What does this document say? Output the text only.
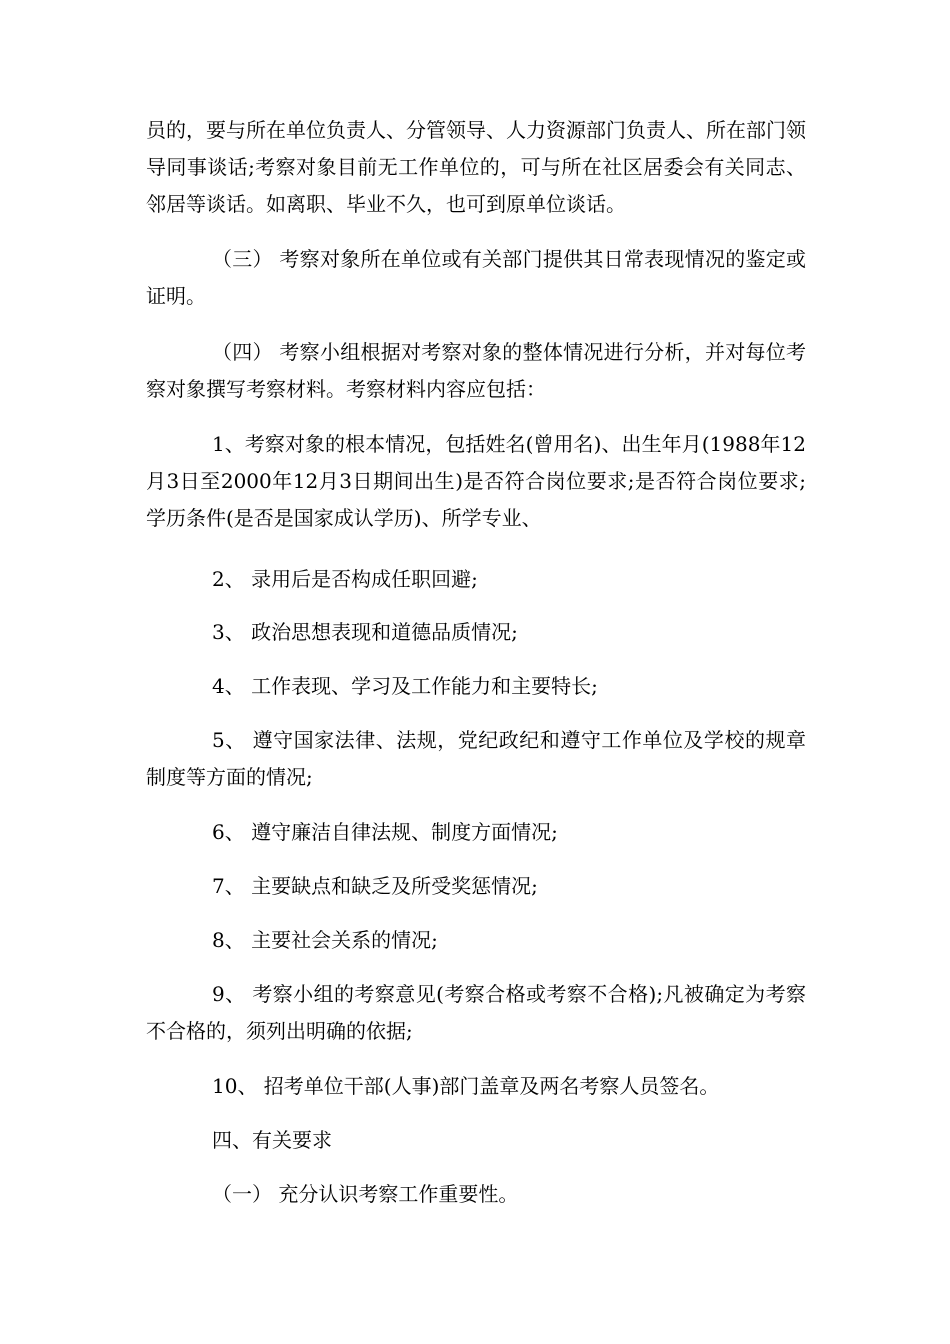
员的，要与所在单位负责人、分管领导、人力资源部门负责人、所在部门领导同事谈话;考察对象目前无工作单位的，可与所在社区居委会有关同志、邻居等谈话。如离职、毕业不久，也可到原单位谈话。

（三） 考察对象所在单位或有关部门提供其日常表现情况的鉴定或证明。

（四） 考察小组根据对考察对象的整体情况进行分析，并对每位考察对象撰写考察材料。考察材料内容应包括：

1、考察对象的根本情况，包括姓名(曾用名)、出生年月(1988年12月3日至2000年12月3日期间出生)是否符合岗位要求;是否符合岗位要求;学历条件(是否是国家成认学历)、所学专业、

2、 录用后是否构成任职回避;

3、 政治思想表现和道德品质情况;

4、 工作表现、学习及工作能力和主要特长;

5、 遵守国家法律、法规，党纪政纪和遵守工作单位及学校的规章制度等方面的情况;

6、 遵守廉洁自律法规、制度方面情况;

7、 主要缺点和缺乏及所受奖惩情况;

8、 主要社会关系的情况;

9、 考察小组的考察意见(考察合格或考察不合格);凡被确定为考察不合格的，须列出明确的依据;

10、 招考单位干部(人事)部门盖章及两名考察人员签名。

四、有关要求

（一） 充分认识考察工作重要性。
